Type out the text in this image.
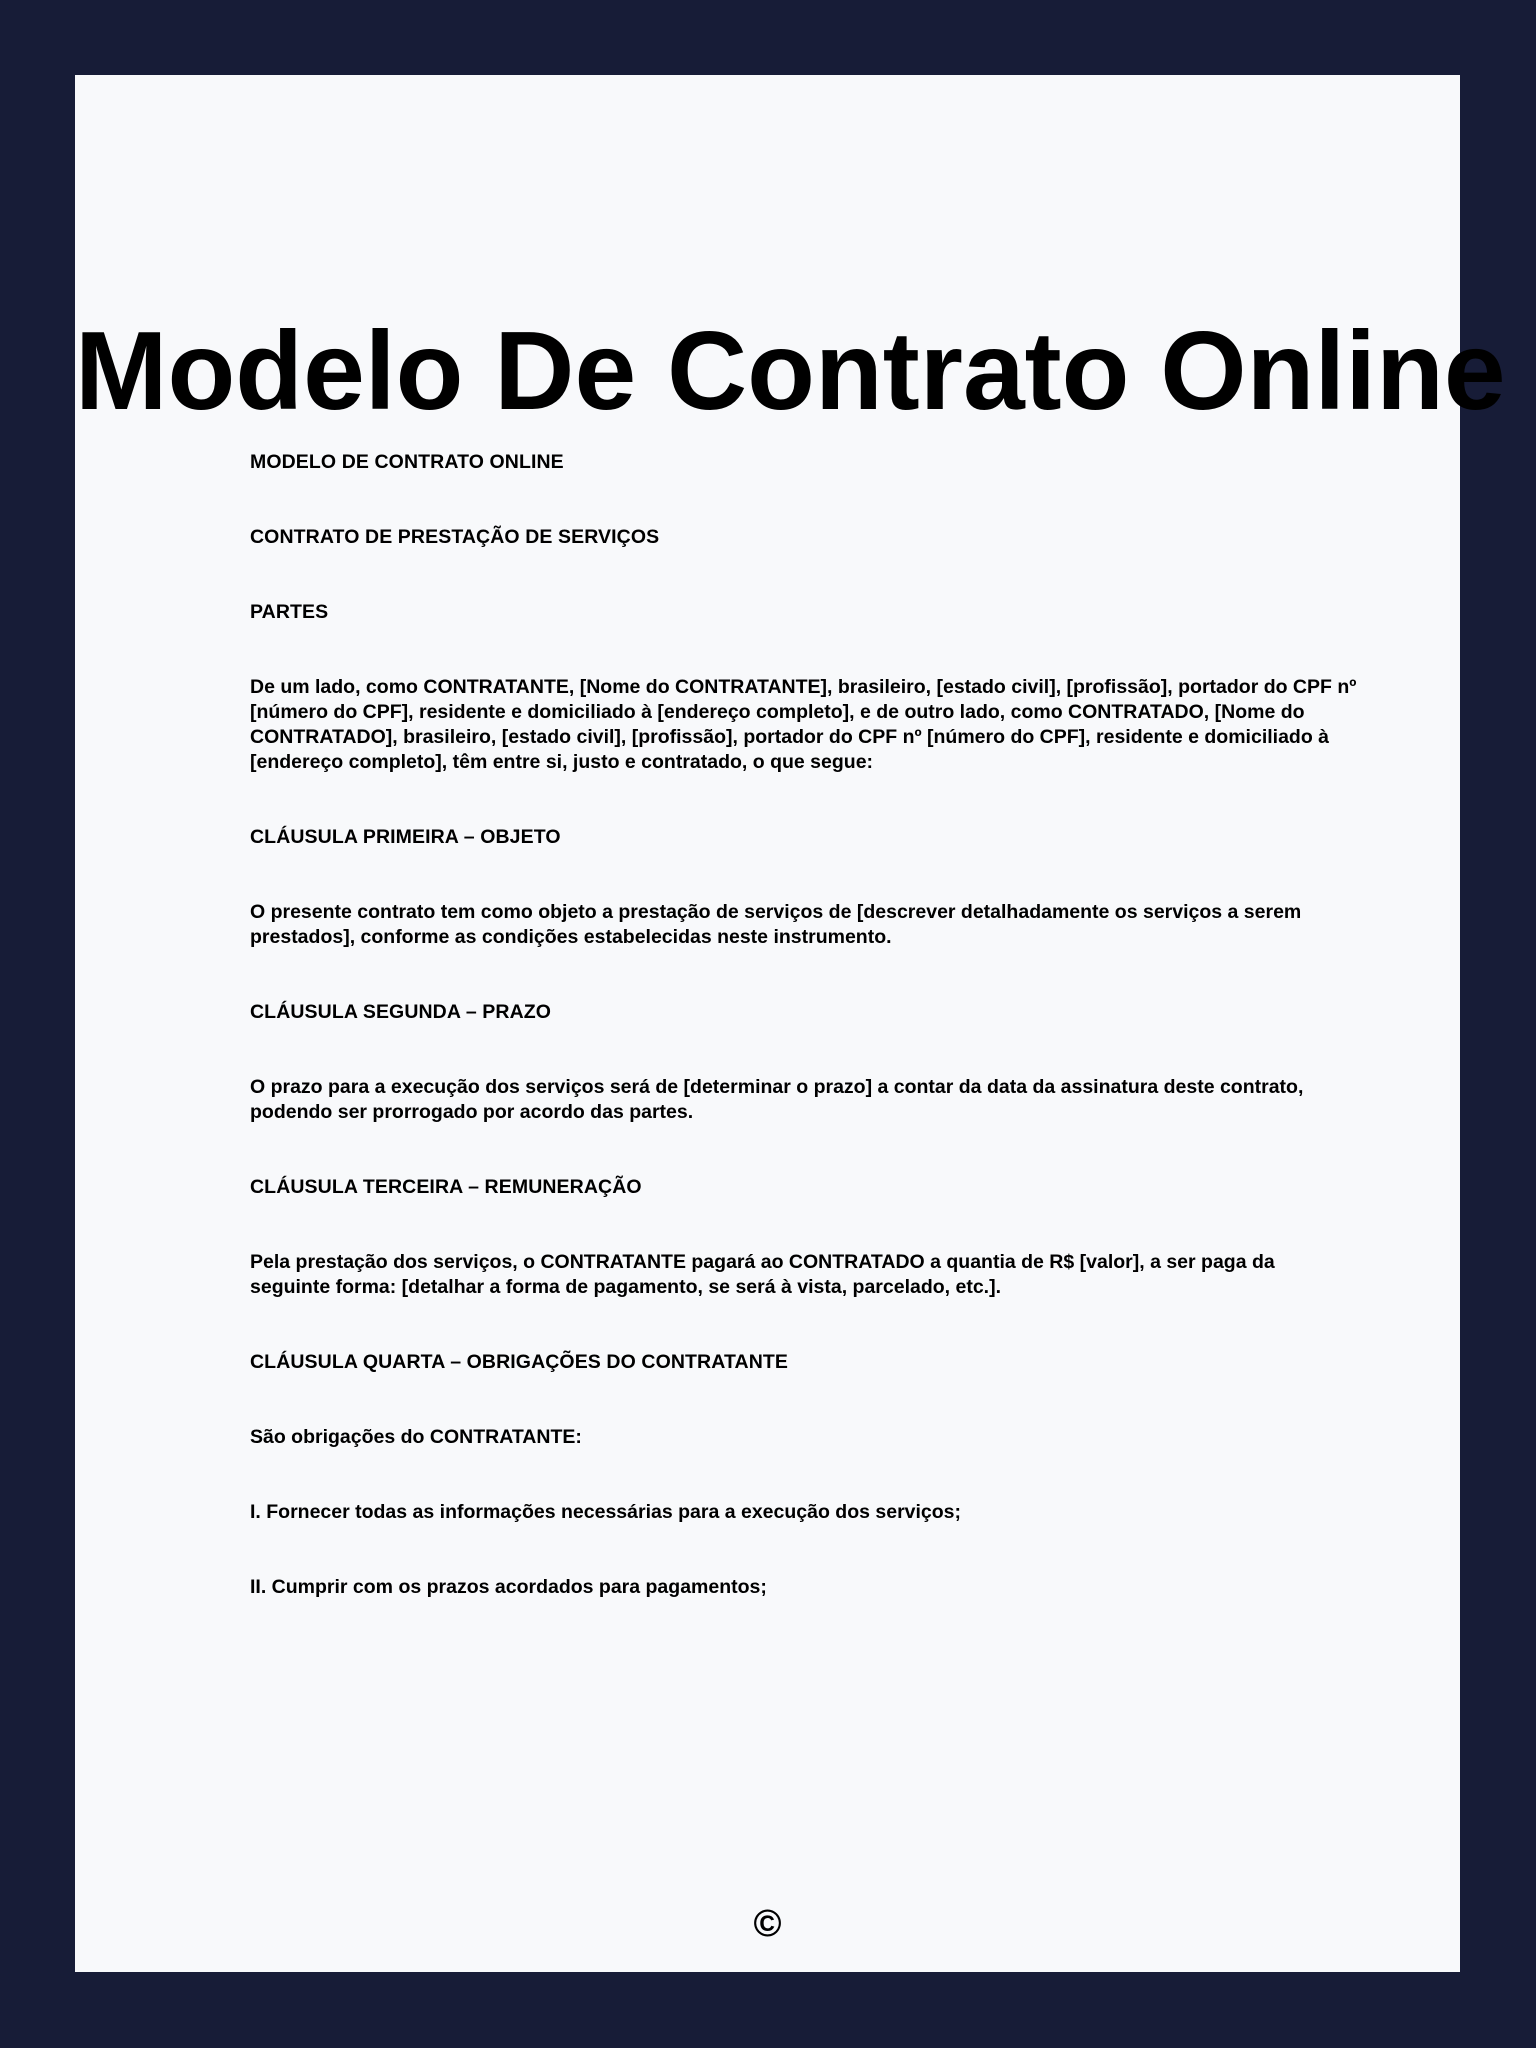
Modelo De Contrato Online

MODELO DE CONTRATO ONLINE

CONTRATO DE PRESTAÇÃO DE SERVIÇOS

PARTES

De um lado, como CONTRATANTE, [Nome do CONTRATANTE], brasileiro, [estado civil], [profissão], portador do CPF nº [número do CPF], residente e domiciliado à [endereço completo], e de outro lado, como CONTRATADO, [Nome do CONTRATADO], brasileiro, [estado civil], [profissão], portador do CPF nº [número do CPF], residente e domiciliado à [endereço completo], têm entre si, justo e contratado, o que segue:

CLÁUSULA PRIMEIRA – OBJETO

O presente contrato tem como objeto a prestação de serviços de [descrever detalhadamente os serviços a serem prestados], conforme as condições estabelecidas neste instrumento.

CLÁUSULA SEGUNDA – PRAZO

O prazo para a execução dos serviços será de [determinar o prazo] a contar da data da assinatura deste contrato, podendo ser prorrogado por acordo das partes.

CLÁUSULA TERCEIRA – REMUNERAÇÃO

Pela prestação dos serviços, o CONTRATANTE pagará ao CONTRATADO a quantia de R$ [valor], a ser paga da seguinte forma: [detalhar a forma de pagamento, se será à vista, parcelado, etc.].

CLÁUSULA QUARTA – OBRIGAÇÕES DO CONTRATANTE

São obrigações do CONTRATANTE:

I. Fornecer todas as informações necessárias para a execução dos serviços;

II. Cumprir com os prazos acordados para pagamentos;

©
